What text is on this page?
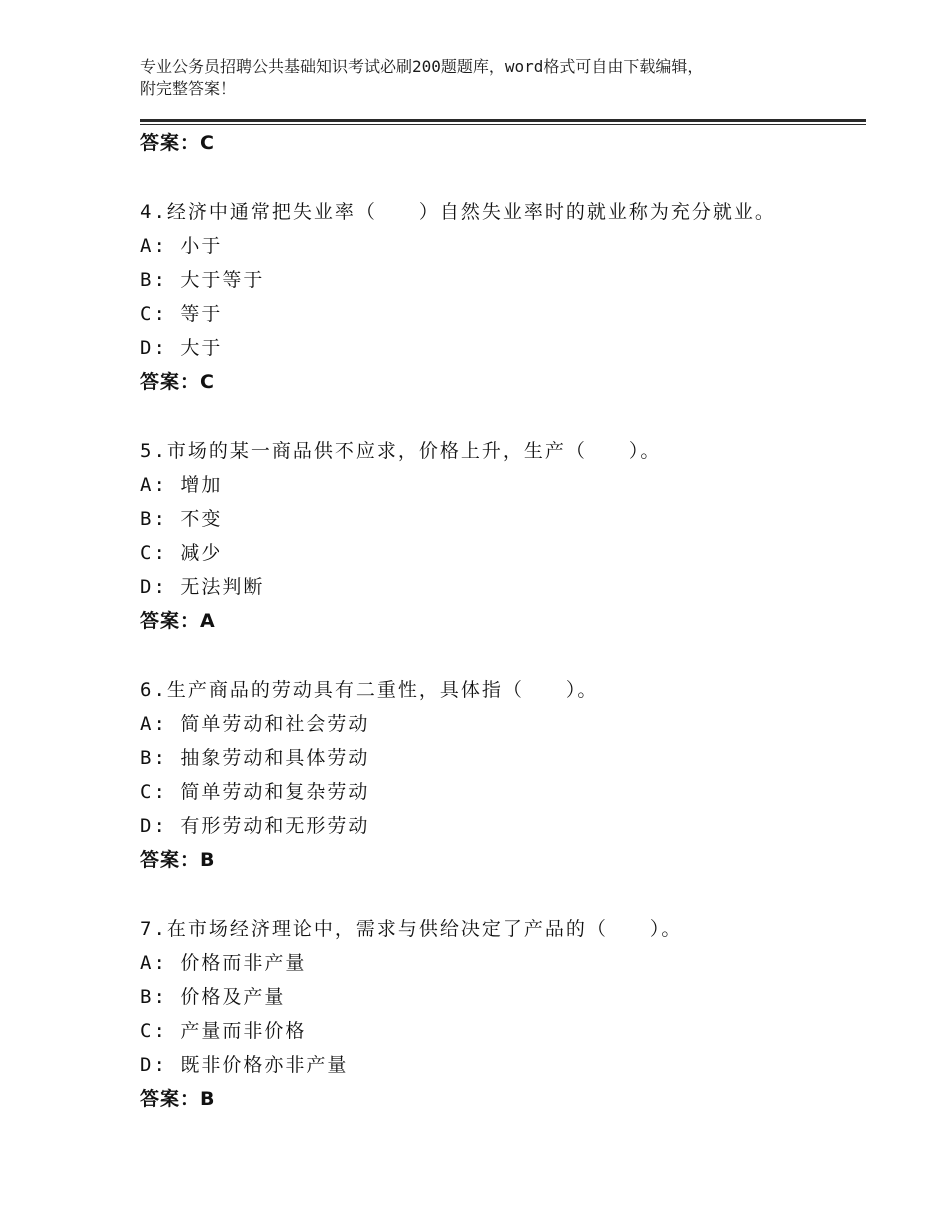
专业公务员招聘公共基础知识考试必刷200题题库，word格式可自由下载编辑，
附完整答案！
答案：C
4.经济中通常把失业率（　　）自然失业率时的就业称为充分就业。
A: 小于
B: 大于等于
C: 等于
D: 大于
答案：C
5.市场的某一商品供不应求，价格上升，生产（　　）。
A: 增加
B: 不变
C: 减少
D: 无法判断
答案：A
6.生产商品的劳动具有二重性，具体指（　　）。
A: 简单劳动和社会劳动
B: 抽象劳动和具体劳动
C: 简单劳动和复杂劳动
D: 有形劳动和无形劳动
答案：B
7.在市场经济理论中，需求与供给决定了产品的（　　）。
A: 价格而非产量
B: 价格及产量
C: 产量而非价格
D: 既非价格亦非产量
答案：B
